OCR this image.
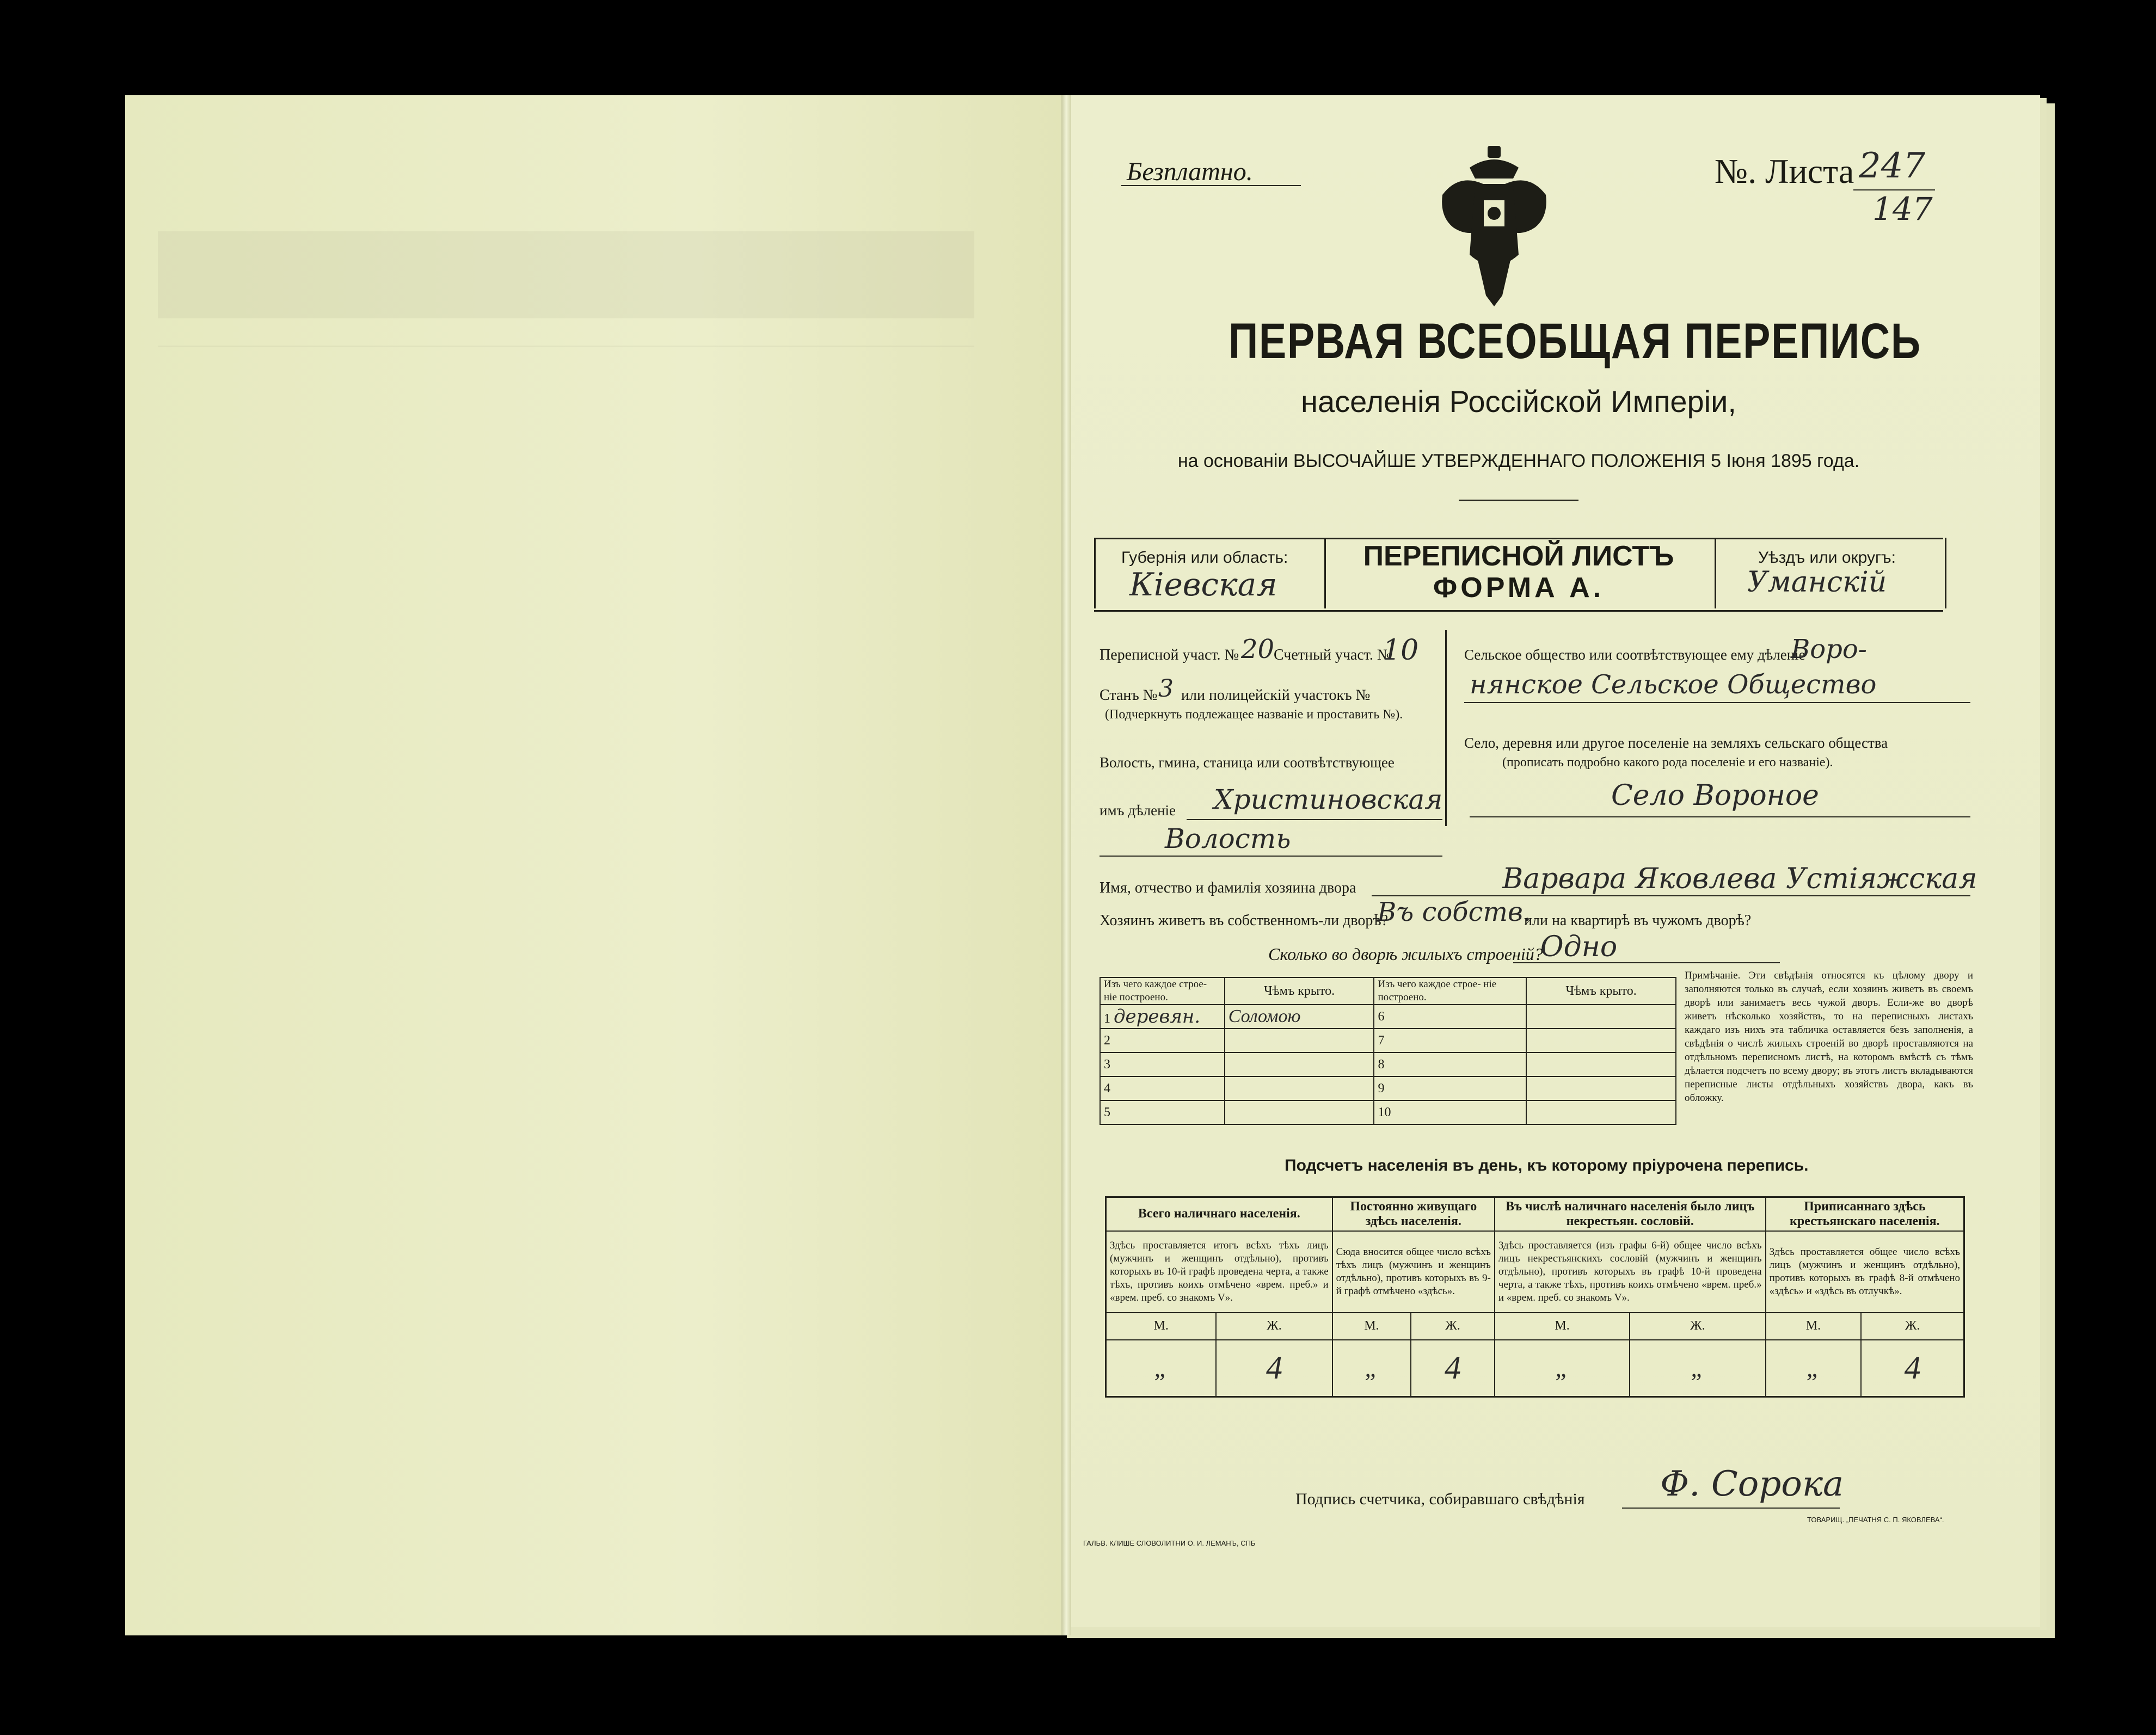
Безплатно.	№. Листа 247
147
ПЕРВАЯ ВСЕОБЩАЯ ПЕРЕПИСЬ
населенія Россійской Имперіи,
на основаніи ВЫСОЧАЙШЕ УТВЕРЖДЕННАГО ПОЛОЖЕНІЯ 5 Іюня 1895 года.
Губернія или область:
Кіевская
ПЕРЕПИСНОЙ ЛИСТЪ
ФОРМА А.
Уѣздъ или округъ:
Уманскій
Переписной участ. № 20
Счетный участ. №
10
Станъ № 3 или полицейскій участокъ №
(Подчеркнуть подлежащее названіе и проставить №).
Волость, гмина, станица или соотвѣтствующее
имъ дѣленіе Христиновская
Волость
Сельское общество или соотвѣтствующее ему дѣленіе
Воро-
нянское Сельское Общество
Село, деревня или другое поселеніе на земляхъ сельскаго общества
(прописать подробно какого рода поселеніе и его названіе).
Село Вороное
Имя, отчество и фамилія хозяина двора	Варвара Яковлева Устіяжская
Хозяинъ живетъ въ собственномъ-ли дворѣ?
Въ собств.
или на квартирѣ въ чужомъ дворѣ?
Сколько во дворѣ жилыхъ строеній?
Одно
Изъ чего каждое строе- ніе построено.	Чѣмъ крыто.	Изъ чего каждое строе- ніе построено.	Чѣмъ крыто.
1 деревян.	Соломою	6	
2		7	
3		8	
4		9	
5		10	
Примѣчаніе. Эти свѣдѣнія относятся къ цѣлому двору и заполняются только въ случаѣ, если хозяинъ живетъ въ своемъ дворѣ или занимаетъ весь чужой дворъ. Если-же во дворѣ живетъ нѣсколько хозяйствъ, то на переписныхъ листахъ каждаго изъ нихъ эта табличка оставляется безъ заполненія, а свѣдѣнія о числѣ жилыхъ строеній во дворѣ проставляются на отдѣльномъ переписномъ листѣ, на которомъ вмѣстѣ съ тѣмъ дѣлается подсчетъ по всему двору; въ этотъ листъ вкладываются переписные листы отдѣльныхъ хозяйствъ двора, какъ въ обложку.
Подсчетъ населенія въ день, къ которому пріурочена перепись.
Всего наличнаго населенія.		Постоянно живущаго здѣсь населенія.		Въ числѣ наличнаго населенія было лицъ некрестьян. сословій.		Приписаннаго здѣсь крестьянскаго населенія.	
Здѣсь проставляется итогъ всѣхъ тѣхъ лицъ (мужчинъ и женщинъ отдѣльно), противъ которыхъ въ 10-й графѣ проведена черта, а также тѣхъ, противъ коихъ отмѣчено «врем. преб.» и «врем. преб. со знакомъ V».		Сюда вносится общее число всѣхъ тѣхъ лицъ (мужчинъ и женщинъ отдѣльно), противъ которыхъ въ 9-й графѣ отмѣчено «здѣсь».		Здѣсь проставляется (изъ графы 6-й) общее число всѣхъ лицъ некрестьянскихъ сословій (мужчинъ и женщинъ отдѣльно), противъ которыхъ въ графѣ 10-й проведена черта, а также тѣхъ, противъ коихъ отмѣчено «врем. преб.» и «врем. преб. со знакомъ V».		Здѣсь проставляется общее число всѣхъ лицъ (мужчинъ и женщинъ отдѣльно), противъ которыхъ въ графѣ 8-й отмѣчено «здѣсь» и «здѣсь въ отлучкѣ».	
М.	Ж.	М.	Ж.	М.	Ж.	М.	Ж.
„	4	„	4	„	„	„	4
Подпись счетчика, собиравшаго свѣдѣнія Ф. Сорока
ГАЛЬВ. КЛИШЕ СЛОВОЛИТНИ О. И. ЛЕМАНЪ, СПБ
ТОВАРИЩ. „ПЕЧАТНЯ С. П. ЯКОВЛЕВА“.
